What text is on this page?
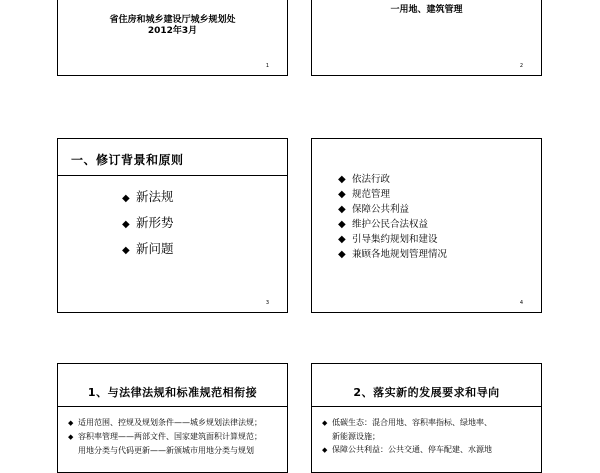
省住房和城乡建设厅城乡规划处
2012年3月
1
一用地、建筑管理
2
一、修订背景和原则
◆ 新法规
◆ 新形势
◆ 新问题
3
◆ 依法行政
◆ 规范管理
◆ 保障公共利益
◆ 维护公民合法权益
◆ 引导集约规划和建设
◆ 兼顾各地规划管理情况
4
1、与法律法规和标准规范相衔接
◆ 适用范围、控规及规划条件——城乡规划法律法规；
◆ 容积率管理——两部文件、国家建筑面积计算规范；
用地分类与代码更新——新颁城市用地分类与规划
2、落实新的发展要求和导向
◆ 低碳生态：混合用地、容积率指标、绿地率、
新能源设施；
◆ 保障公共利益：公共交通、停车配建、水源地
